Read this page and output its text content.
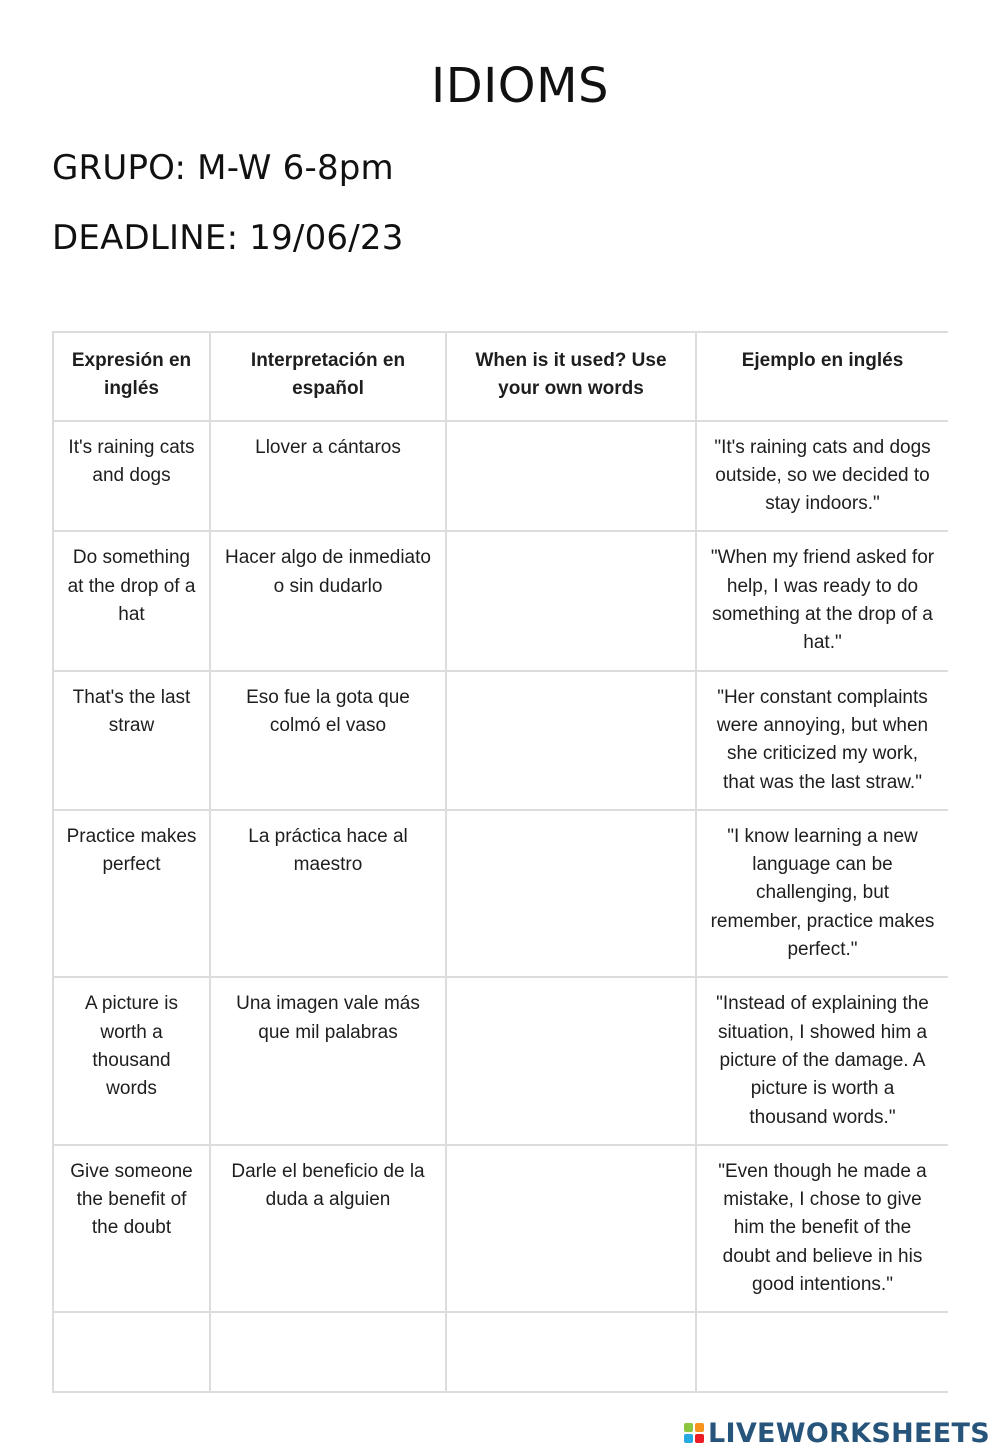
IDIOMS
GRUPO: M-W 6-8pm
DEADLINE: 19/06/23
Expresión en inglés	Interpretación en español	When is it used? Use your own words	Ejemplo en inglés
It's raining cats and dogs	Llover a cántaros		"It's raining cats and dogs outside, so we decided to stay indoors."
Do something at the drop of a hat	Hacer algo de inmediato o sin dudarlo		"When my friend asked for help, I was ready to do something at the drop of a hat."
That's the last straw	Eso fue la gota que colmó el vaso		"Her constant complaints were annoying, but when she criticized my work, that was the last straw."
Practice makes perfect	La práctica hace al maestro		"I know learning a new language can be challenging, but remember, practice makes perfect."
A picture is worth a thousand words	Una imagen vale más que mil palabras		"Instead of explaining the situation, I showed him a picture of the damage. A picture is worth a thousand words."
Give someone the benefit of the doubt	Darle el beneficio de la duda a alguien		"Even though he made a mistake, I chose to give him the benefit of the doubt and believe in his good intentions."

LIVEWORKSHEETS
